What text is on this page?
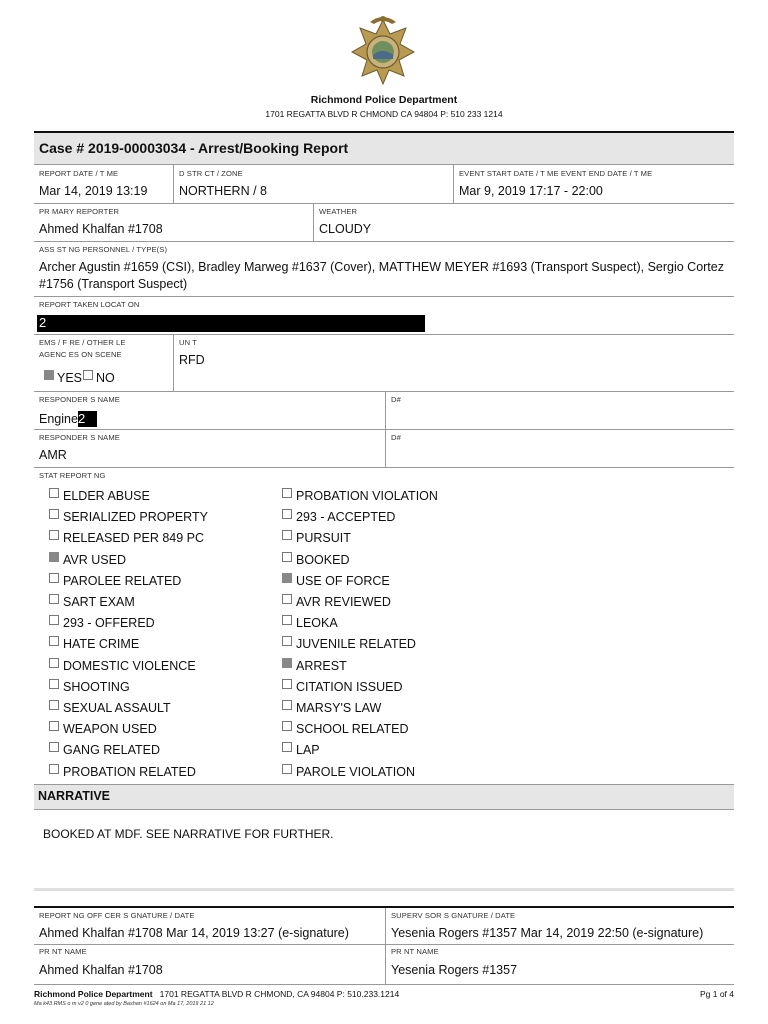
Richmond Police Department
1701 REGATTA BLVD R CHMOND CA 94804 P: 510 233 1214
Case # 2019-00003034 - Arrest/Booking Report
REPORT DATE / T ME
Mar 14, 2019 13:19
D STR CT / ZONE
NORTHERN / 8
EVENT START DATE / T ME EVENT END DATE / T ME
Mar 9, 2019 17:17 - 22:00
PR MARY REPORTER
Ahmed Khalfan #1708
WEATHER
CLOUDY
ASS ST NG PERSONNEL / TYPE(S)
Archer Agustin #1659 (CSI), Bradley Marweg #1637 (Cover), MATTHEW MEYER #1693 (Transport Suspect), Sergio Cortez
#1756 (Transport Suspect)
REPORT TAKEN LOCAT ON
2
EMS / F RE / OTHER LE
AGENC ES ON SCENE
YES NO
UN T
RFD
RESPONDER S NAME
Engine2
D#
RESPONDER S NAME
AMR
D#
STAT REPORT NG
ELDER ABUSE
SERIALIZED PROPERTY
RELEASED PER 849 PC
AVR USED
PAROLEE RELATED
SART EXAM
293 - OFFERED
HATE CRIME
DOMESTIC VIOLENCE
SHOOTING
SEXUAL ASSAULT
WEAPON USED
GANG RELATED
PROBATION RELATED
PROBATION VIOLATION
293 - ACCEPTED
PURSUIT
BOOKED
USE OF FORCE
AVR REVIEWED
LEOKA
JUVENILE RELATED
ARREST
CITATION ISSUED
MARSY'S LAW
SCHOOL RELATED
LAP
PAROLE VIOLATION
NARRATIVE
BOOKED AT MDF. SEE NARRATIVE FOR FURTHER.
REPORT NG OFF CER S GNATURE / DATE
Ahmed Khalfan #1708 Mar 14, 2019 13:27 (e-signature)
PR NT NAME
Ahmed Khalfan #1708
SUPERV SOR S GNATURE / DATE
Yesenia Rogers #1357 Mar 14, 2019 22:50 (e-signature)
PR NT NAME
Yesenia Rogers #1357
Richmond Police Department 1701 REGATTA BLVD R CHMOND, CA 94804 P: 510.233.1214
Ma k43 RMS o m v2 0 gene ated by Bashan #1624 on Ma 17, 2019 21 12
Pg 1 of 4
